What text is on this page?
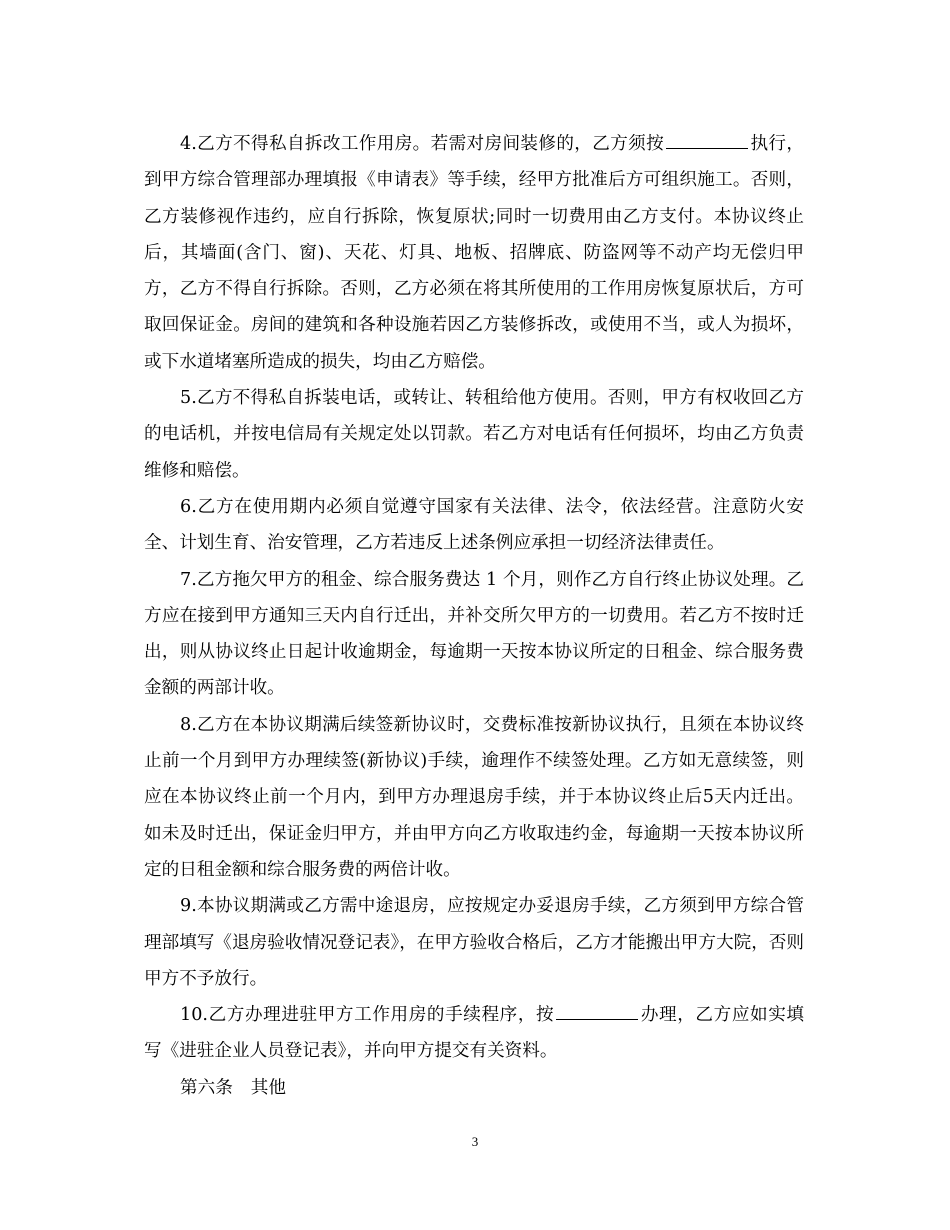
4.乙方不得私自拆改工作用房。若需对房间装修的，乙方须按	执行，到甲方综合管理部办理填报《申请表》等手续，经甲方批准后方可组织施工。否则，乙方装修视作违约，应自行拆除，恢复原状;同时一切费用由乙方支付。本协议终止后，其墙面(含门、窗)、天花、灯具、地板、招牌底、防盗网等不动产均无偿归甲方，乙方不得自行拆除。否则，乙方必须在将其所使用的工作用房恢复原状后，方可取回保证金。房间的建筑和各种设施若因乙方装修拆改，或使用不当，或人为损坏，或下水道堵塞所造成的损失，均由乙方赔偿。

5.乙方不得私自拆装电话，或转让、转租给他方使用。否则，甲方有权收回乙方的电话机，并按电信局有关规定处以罚款。若乙方对电话有任何损坏，均由乙方负责维修和赔偿。

6.乙方在使用期内必须自觉遵守国家有关法律、法令，依法经营。注意防火安全、计划生育、治安管理，乙方若违反上述条例应承担一切经济法律责任。

7.乙方拖欠甲方的租金、综合服务费达 1 个月，则作乙方自行终止协议处理。乙方应在接到甲方通知三天内自行迁出，并补交所欠甲方的一切费用。若乙方不按时迁出，则从协议终止日起计收逾期金，每逾期一天按本协议所定的日租金、综合服务费金额的两部计收。

8.乙方在本协议期满后续签新协议时，交费标准按新协议执行，且须在本协议终止前一个月到甲方办理续签(新协议)手续，逾理作不续签处理。乙方如无意续签，则应在本协议终止前一个月内，到甲方办理退房手续，并于本协议终止后5天内迁出。如未及时迁出，保证金归甲方，并由甲方向乙方收取违约金，每逾期一天按本协议所定的日租金额和综合服务费的两倍计收。

9.本协议期满或乙方需中途退房，应按规定办妥退房手续，乙方须到甲方综合管理部填写《退房验收情况登记表》，在甲方验收合格后，乙方才能搬出甲方大院，否则甲方不予放行。

10.乙方办理进驻甲方工作用房的手续程序，按	办理，乙方应如实填写《进驻企业人员登记表》，并向甲方提交有关资料。

第六条 其他

3
